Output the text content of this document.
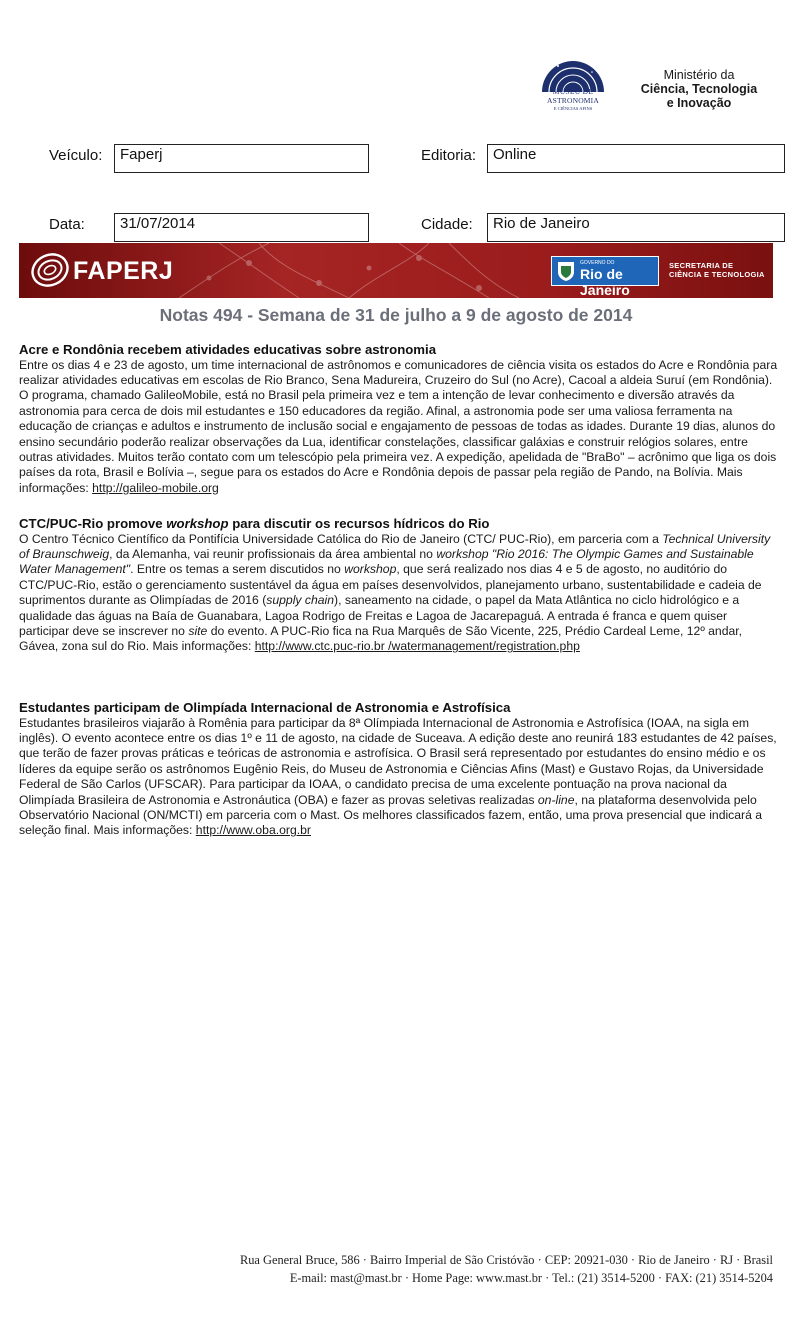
MUSEU DE
ASTRONOMIA
E CIÊNCIAS AFINS
Ministério da
Ciência, Tecnologia
e Inovação
Veículo:	Faperj	Editoria:	Online
Data:	31/07/2014	Cidade:	Rio de Janeiro
FAPERJ	GOVERNO DO
Rio de Janeiro
SECRETARIA DE
CIÊNCIA E TECNOLOGIA
Notas 494 - Semana de 31 de julho a 9 de agosto de 2014
Acre e Rondônia recebem atividades educativas sobre astronomia

Entre os dias 4 e 23 de agosto, um time internacional de astrônomos e comunicadores de ciência visita os estados do Acre e Rondônia para realizar atividades educativas em escolas de Rio Branco, Sena Madureira, Cruzeiro do Sul (no Acre), Cacoal a aldeia Suruí (em Rondônia). O programa, chamado GalileoMobile, está no Brasil pela primeira vez e tem a intenção de levar conhecimento e diversão através da astronomia para cerca de dois mil estudantes e 150 educadores da região. Afinal, a astronomia pode ser uma valiosa ferramenta na educação de crianças e adultos e instrumento de inclusão social e engajamento de pessoas de todas as idades. Durante 19 dias, alunos do ensino secundário poderão realizar observações da Lua, identificar constelações, classificar galáxias e construir relógios solares, entre outras atividades. Muitos terão contato com um telescópio pela primeira vez. A expedição, apelidada de "BraBo" – acrônimo que liga os dois países da rota, Brasil e Bolívia –, segue para os estados do Acre e Rondônia depois de passar pela região de Pando, na Bolívia. Mais informações: http://galileo-mobile.org

CTC/PUC-Rio promove workshop para discutir os recursos hídricos do Rio

O Centro Técnico Científico da Pontifícia Universidade Católica do Rio de Janeiro (CTC/ PUC-Rio), em parceria com a Technical University of Braunschweig, da Alemanha, vai reunir profissionais da área ambiental no workshop "Rio 2016: The Olympic Games and Sustainable Water Management". Entre os temas a serem discutidos no workshop, que será realizado nos dias 4 e 5 de agosto, no auditório do CTC/PUC-Rio, estão o gerenciamento sustentável da água em países desenvolvidos, planejamento urbano, sustentabilidade e cadeia de suprimentos durante as Olimpíadas de 2016 (supply chain), saneamento na cidade, o papel da Mata Atlântica no ciclo hidrológico e a qualidade das águas na Baía de Guanabara, Lagoa Rodrigo de Freitas e Lagoa de Jacarepaguá. A entrada é franca e quem quiser participar deve se inscrever no site do evento. A PUC-Rio fica na Rua Marquês de São Vicente, 225, Prédio Cardeal Leme, 12º andar, Gávea, zona sul do Rio. Mais informações: http://www.ctc.puc-rio.br /watermanagement/registration.php

Estudantes participam de Olimpíada Internacional de Astronomia e Astrofísica

Estudantes brasileiros viajarão à Romênia para participar da 8ª Olímpiada Internacional de Astronomia e Astrofísica (IOAA, na sigla em inglês). O evento acontece entre os dias 1º e 11 de agosto, na cidade de Suceava. A edição deste ano reunirá 183 estudantes de 42 países, que terão de fazer provas práticas e teóricas de astronomia e astrofísica. O Brasil será representado por estudantes do ensino médio e os líderes da equipe serão os astrônomos Eugênio Reis, do Museu de Astronomia e Ciências Afins (Mast) e Gustavo Rojas, da Universidade Federal de São Carlos (UFSCAR). Para participar da IOAA, o candidato precisa de uma excelente pontuação na prova nacional da Olimpíada Brasileira de Astronomia e Astronáutica (OBA) e fazer as provas seletivas realizadas on-line, na plataforma desenvolvida pelo Observatório Nacional (ON/MCTI) em parceria com o Mast. Os melhores classificados fazem, então, uma prova presencial que indicará a seleção final. Mais informações: http://www.oba.org.br

Rua General Bruce, 586 · Bairro Imperial de São Cristóvão · CEP: 20921-030 · Rio de Janeiro · RJ · Brasil
E-mail: mast@mast.br · Home Page: www.mast.br · Tel.: (21) 3514-5200 · FAX: (21) 3514-5204
